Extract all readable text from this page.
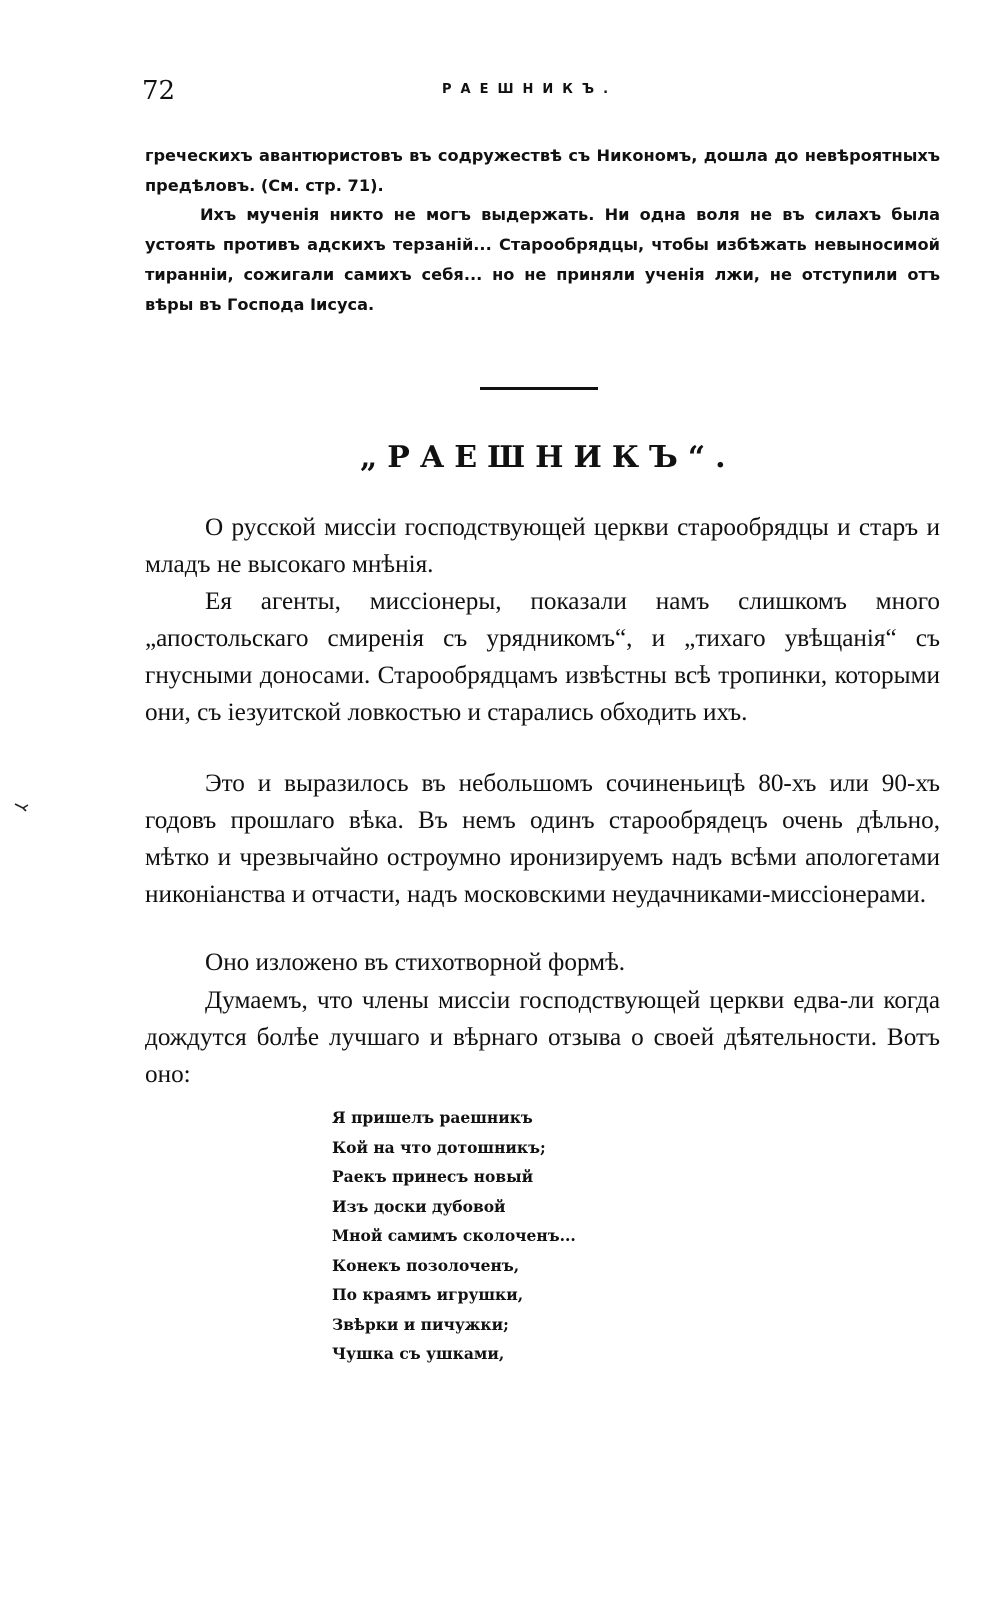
72	РАЕШНИКЪ.

греческихъ авантюристовъ въ содружествѣ съ Никономъ, дошла до невѣроятныхъ предѣловъ. (См. стр. 71).

Ихъ мученія никто не могъ выдержать. Ни одна воля не въ силахъ была устоять противъ адскихъ терзаній... Старообрядцы, чтобы избѣжать невыносимой тиранніи, сожигали самихъ себя... но не приняли ученія лжи, не отступили отъ вѣры въ Господа Іисуса.

„РАЕШНИКЪ“.

О русской миссіи господствующей церкви старообрядцы и старъ и младъ не высокаго мнѣнія.

Ея агенты, миссіонеры, показали намъ слишкомъ много „апостольскаго смиренія съ урядникомъ“, и „тихаго увѣщанія“ съ гнусными доносами. Старообрядцамъ извѣстны всѣ тропинки, которыми они, съ іезуитской ловкостью и старались обходить ихъ.

Это и выразилось въ небольшомъ сочиненьицѣ 80-хъ или 90-хъ годовъ прошлаго вѣка. Въ немъ одинъ старообрядецъ очень дѣльно, мѣтко и чрезвычайно остроумно иронизируемъ надъ всѣми апологетами никоніанства и отчасти, надъ московскими неудачниками-миссіонерами.

Оно изложено въ стихотворной формѣ.

Думаемъ, что члены миссіи господствующей церкви едва-ли когда дождутся болѣе лучшаго и вѣрнаго отзыва о своей дѣятельности. Вотъ оно:

Я пришелъ раешникъ
Кой на что дотошникъ;
Раекъ принесъ новый
Изъ доски дубовой
Мной самимъ сколоченъ...
Конекъ позолоченъ,
По краямъ игрушки,
Звѣрки и пичужки;
Чушка съ ушками,
